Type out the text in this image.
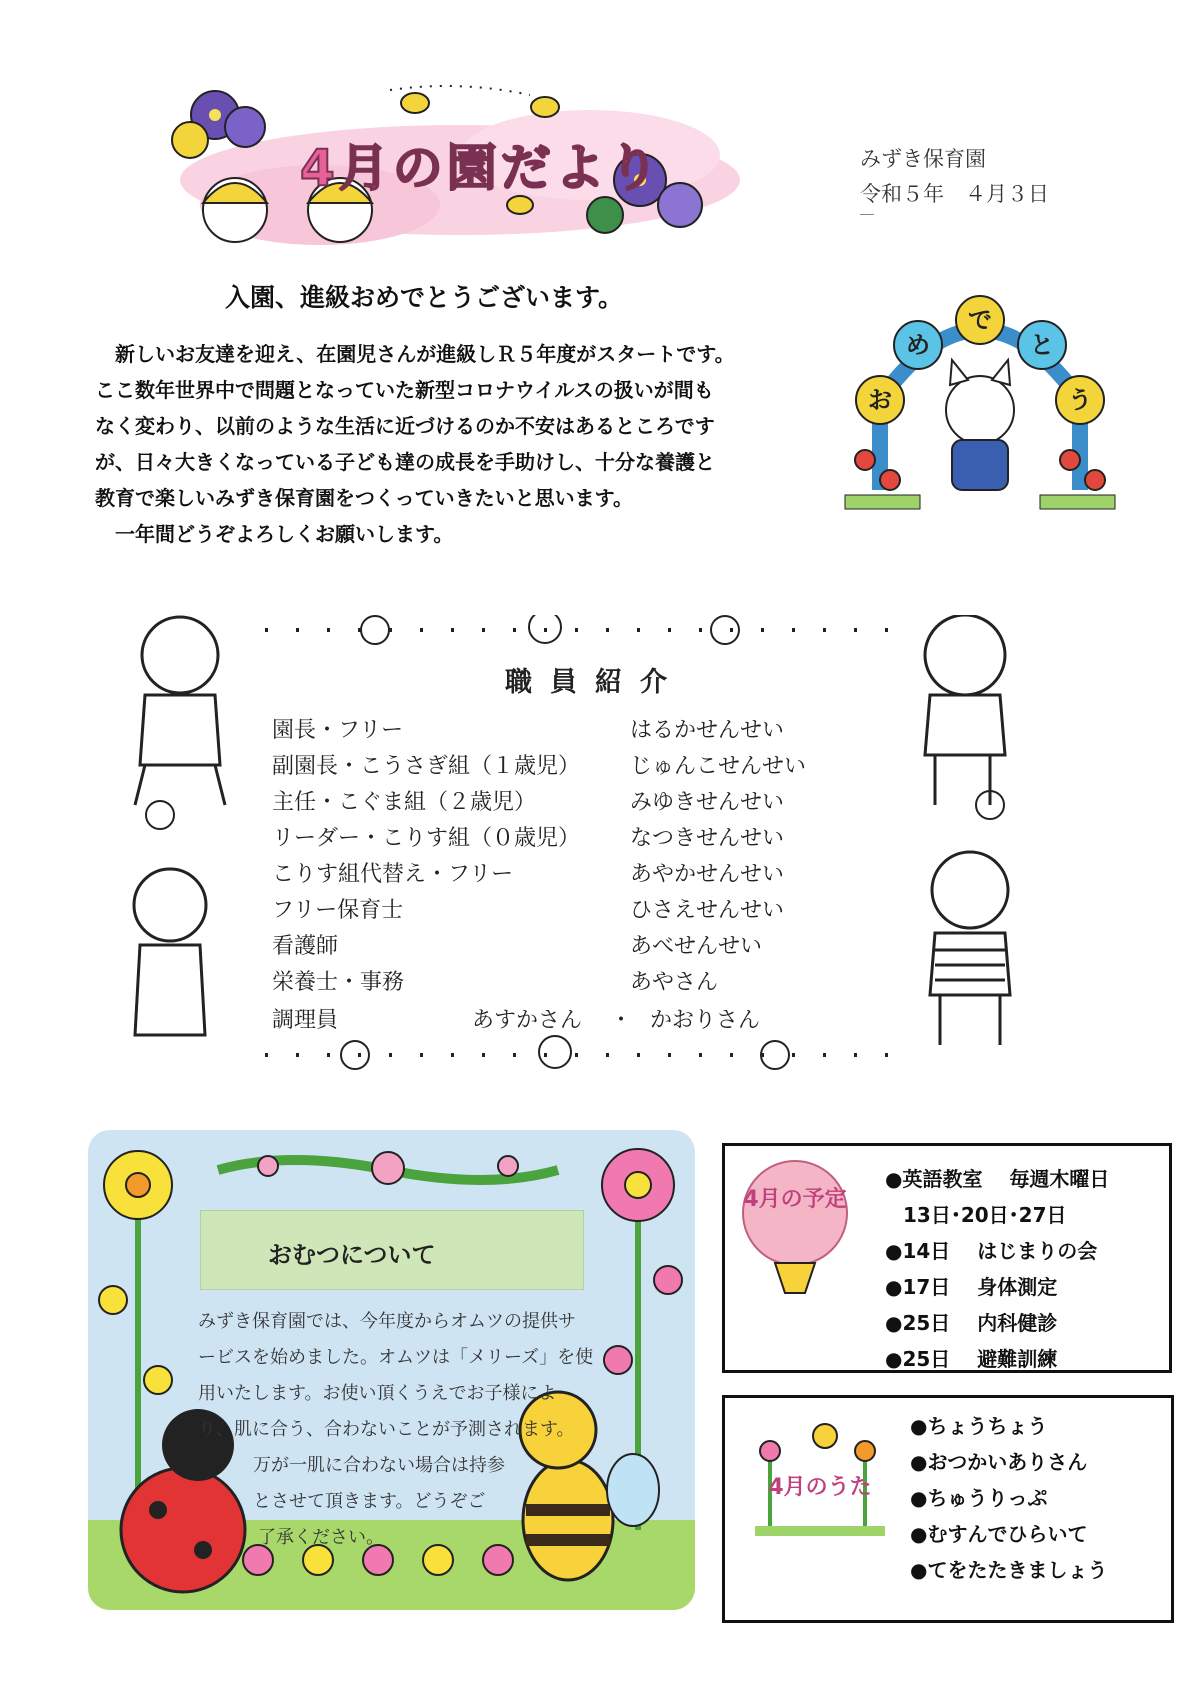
4月の園だより	みずき保育園
令和５年　４月３日
入園、進級おめでとうございます。
　新しいお友達を迎え、在園児さんが進級しＲ５年度がスタートです。
ここ数年世界中で問題となっていた新型コロナウイルスの扱いが間も
なく変わり、以前のような生活に近づけるのか不安はあるところです
が、日々大きくなっている子ども達の成長を手助けし、十分な養護と
教育で楽しいみずき保育園をつくっていきたいと思います。
　一年間どうぞよろしくお願いします。
おめでとう
お
め
で
と
う
職員紹介
園長・フリー	はるかせんせい
副園長・こうさぎ組（１歳児） じゅんこせんせい
主任・こぐま組（２歳児）	みゆきせんせい
リーダー・こりす組（０歳児） なつきせんせい
こりす組代替え・フリー	あやかせんせい
フリー保育士	ひさえせんせい
看護師	あべせんせい
栄養士・事務	あやさん
調理員	あすかさん ・ かおりさん
おむつについて
みずき保育園では、今年度からオムツの提供サ
ービスを始めました。オムツは「メリーズ」を使
用いたします。お使い頂くうえでお子様によ
り、肌に合う、合わないことが予測されます。
万が一肌に合わない場合は持参
とさせて頂きます。どうぞご
了承ください。
4月の予定
●英語教室　 毎週木曜日
13日･20日･27日
●14日　 はじまりの会
●17日　 身体測定
●25日　 内科健診
●25日　 避難訓練
4月のうた
●ちょうちょう
●おつかいありさん
●ちゅうりっぷ
●むすんでひらいて
●てをたたきましょう
